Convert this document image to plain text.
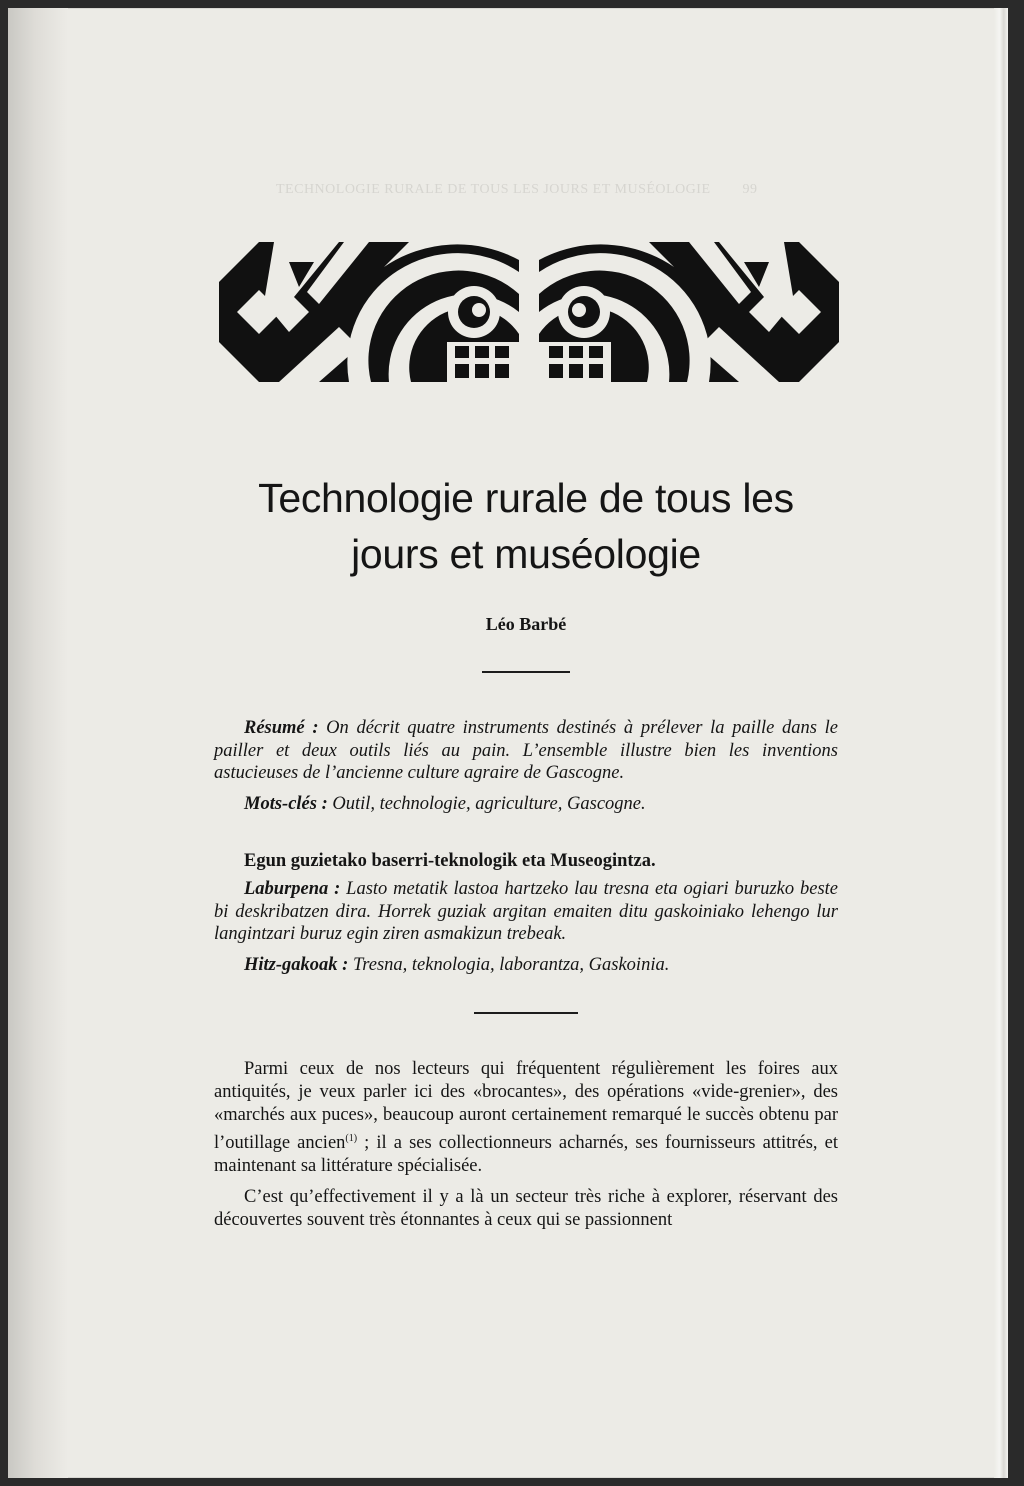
TECHNOLOGIE RURALE DE TOUS LES JOURS ET MUSÉOLOGIE 99
Technologie rurale de tous les
jours et muséologie
Léo Barbé

Résumé : On décrit quatre instruments destinés à prélever la paille dans le pailler et deux outils liés au pain. L’ensemble illustre bien les inventions astucieuses de l’ancienne culture agraire de Gascogne.

Mots-clés : Outil, technologie, agriculture, Gascogne.

Egun guzietako baserri-teknologik eta Museogintza.

Laburpena : Lasto metatik lastoa hartzeko lau tresna eta ogiari buruzko beste bi deskribatzen dira. Horrek guziak argitan emaiten ditu gaskoiniako lehengo lur langintzari buruz egin ziren asmakizun trebeak.

Hitz-gakoak : Tresna, teknologia, laborantza, Gaskoinia.

Parmi ceux de nos lecteurs qui fréquentent régulièrement les foires aux antiquités, je veux parler ici des «brocantes», des opérations «vide-grenier», des «marchés aux puces», beaucoup auront certainement remarqué le succès obtenu par l’outillage ancien$^{(1)}$ ; il a ses collectionneurs acharnés, ses fournisseurs attitrés, et maintenant sa littérature spécialisée.

C’est qu’effectivement il y a là un secteur très riche à explorer, réservant des découvertes souvent très étonnantes à ceux qui se passionnent
